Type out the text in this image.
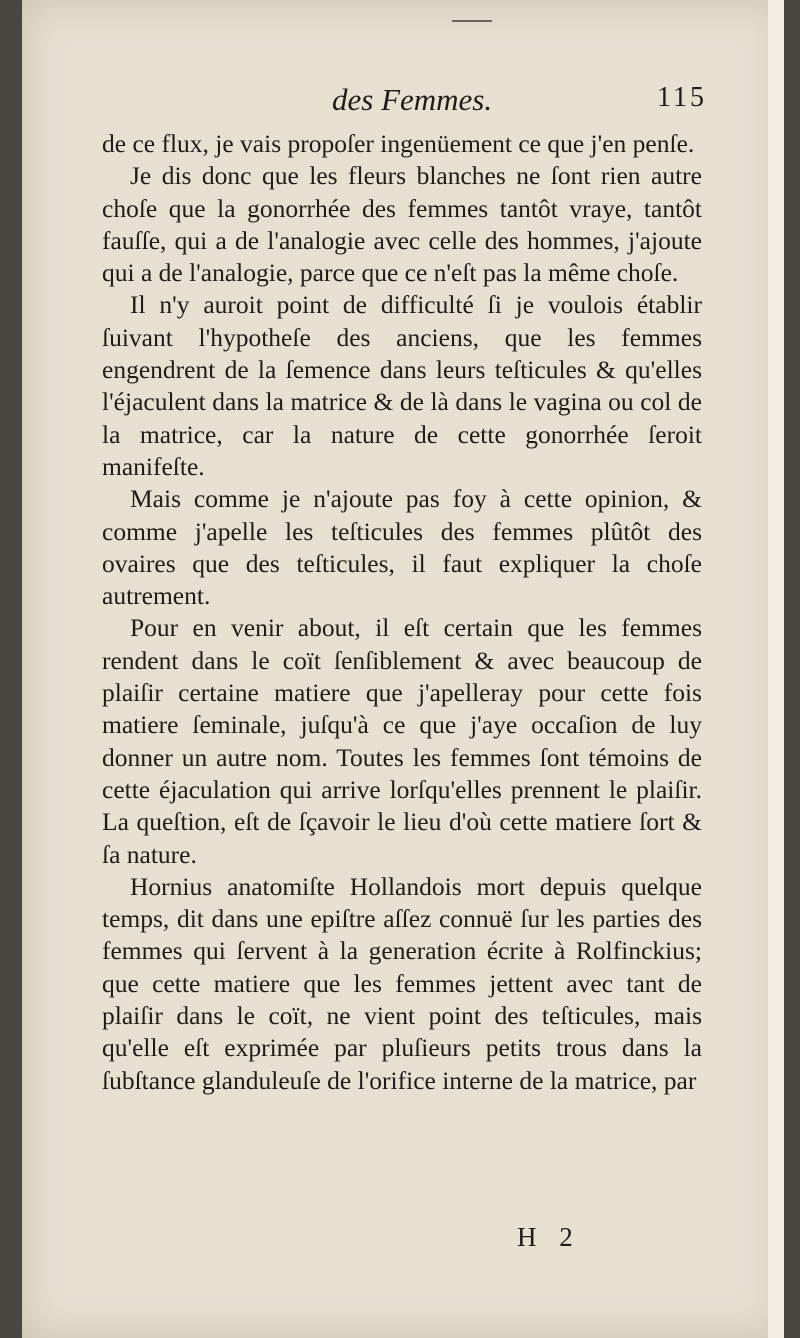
des Femmes.	115

de ce flux, je vais propoſer ingenüement ce que j'en penſe.

Je dis donc que les fleurs blanches ne ſont rien autre choſe que la gonorrhée des femmes tantôt vraye, tantôt fauſſe, qui a de l'analogie avec celle des hommes, j'ajoute qui a de l'analogie, parce que ce n'eſt pas la même choſe.

Il n'y auroit point de difficulté ſi je voulois établir ſuivant l'hypotheſe des anciens, que les femmes engendrent de la ſemence dans leurs teſticules & qu'elles l'éjaculent dans la matrice & de là dans le vagina ou col de la matrice, car la nature de cette gonorrhée ſeroit manifeſte.

Mais comme je n'ajoute pas foy à cette opinion, & comme j'apelle les teſticules des femmes plûtôt des ovaires que des teſticules, il faut expliquer la choſe autrement.

Pour en venir about, il eſt certain que les femmes rendent dans le coït ſenſiblement & avec beaucoup de plaiſir certaine matiere que j'apelleray pour cette fois matiere ſeminale, juſqu'à ce que j'aye occaſion de luy donner un autre nom. Toutes les femmes ſont témoins de cette éjaculation qui arrive lorſqu'elles prennent le plaiſir. La queſtion, eſt de ſçavoir le lieu d'où cette matiere ſort & ſa nature.

Hornius anatomiſte Hollandois mort depuis quelque temps, dit dans une epiſtre aſſez connuë ſur les parties des femmes qui ſervent à la generation écrite à Rolfinckius; que cette matiere que les femmes jettent avec tant de plaiſir dans le coït, ne vient point des teſticules, mais qu'elle eſt exprimée par pluſieurs petits trous dans la ſubſtance glanduleuſe de l'orifice interne de la matrice, par

H 2
